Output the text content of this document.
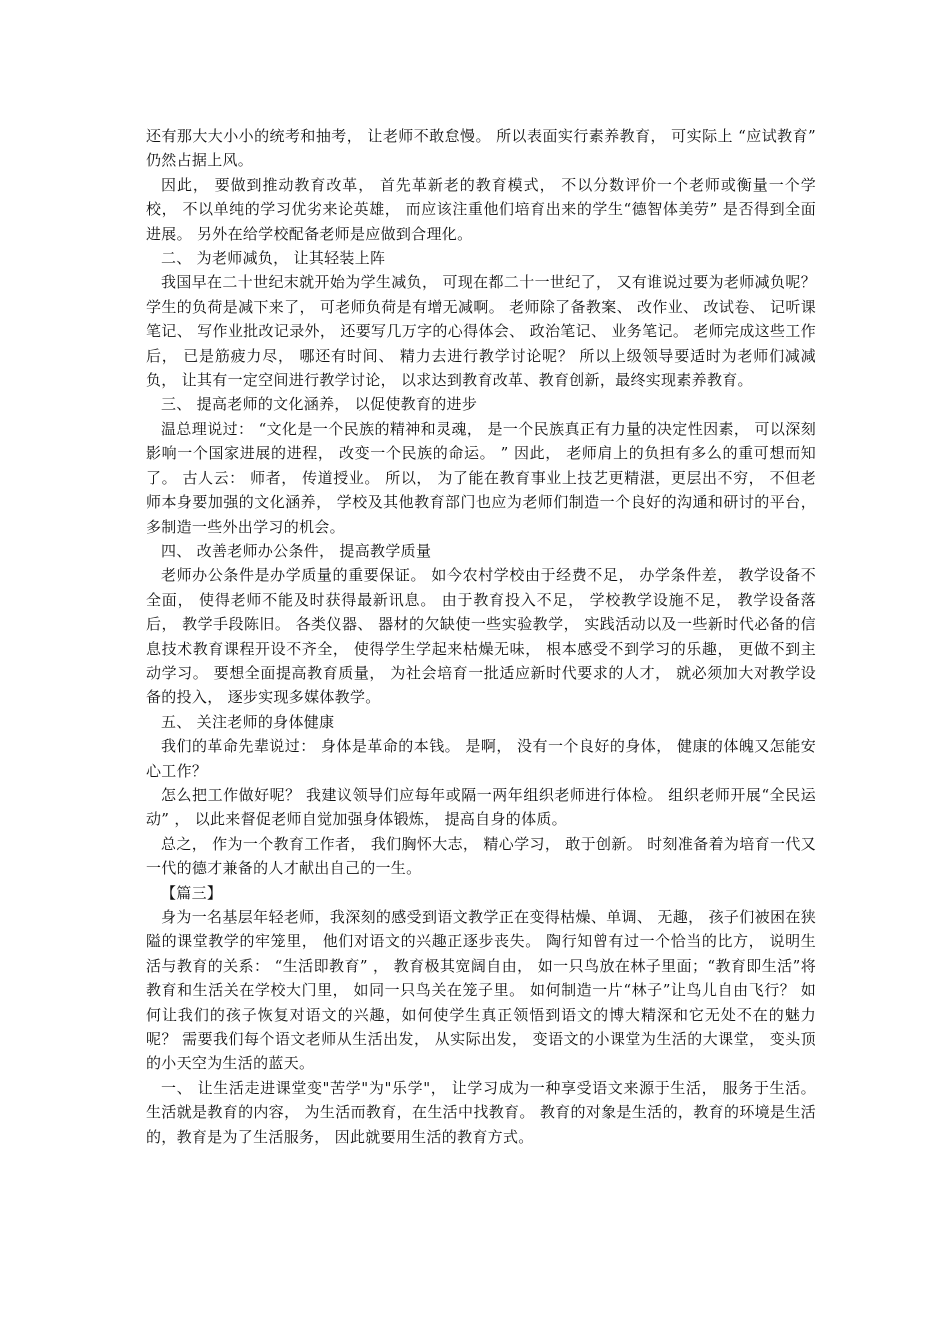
还有那大大小小的统考和抽考， 让老师不敢怠慢。 所以表面实行素养教育， 可实际上 “应试教育” 仍然占据上风。

因此， 要做到推动教育改革， 首先革新老的教育模式， 不以分数评价一个老师或衡量一个学校， 不以单纯的学习优劣来论英雄， 而应该注重他们培育出来的学生“德智体美劳” 是否得到全面进展。 另外在给学校配备老师是应做到合理化。

二、 为老师减负， 让其轻装上阵

我国早在二十世纪末就开始为学生减负， 可现在都二十一世纪了， 又有谁说过要为老师减负呢？ 学生的负荷是减下来了， 可老师负荷是有增无减啊。 老师除了备教案、 改作业、 改试卷、 记听课笔记、 写作业批改记录外， 还要写几万字的心得体会、 政治笔记、 业务笔记。 老师完成这些工作后， 已是筋疲力尽， 哪还有时间、 精力去进行教学讨论呢？ 所以上级领导要适时为老师们减减负， 让其有一定空间进行教学讨论， 以求达到教育改革、教育创新，最终实现素养教育。

三、 提高老师的文化涵养， 以促使教育的进步

温总理说过： “文化是一个民族的精神和灵魂， 是一个民族真正有力量的决定性因素， 可以深刻影响一个国家进展的进程， 改变一个民族的命运。 ” 因此， 老师肩上的负担有多么的重可想而知了。 古人云： 师者， 传道授业。 所以， 为了能在教育事业上技艺更精湛，更层出不穷， 不但老师本身要加强的文化涵养， 学校及其他教育部门也应为老师们制造一个良好的沟通和研讨的平台， 多制造一些外出学习的机会。

四、 改善老师办公条件， 提高教学质量

老师办公条件是办学质量的重要保证。 如今农村学校由于经费不足， 办学条件差， 教学设备不全面， 使得老师不能及时获得最新讯息。 由于教育投入不足， 学校教学设施不足， 教学设备落后， 教学手段陈旧。 各类仪器、 器材的欠缺使一些实验教学， 实践活动以及一些新时代必备的信息技术教育课程开设不齐全， 使得学生学起来枯燥无味， 根本感受不到学习的乐趣， 更做不到主动学习。 要想全面提高教育质量， 为社会培育一批适应新时代要求的人才， 就必须加大对教学设备的投入， 逐步实现多媒体教学。

五、 关注老师的身体健康

我们的革命先辈说过： 身体是革命的本钱。 是啊， 没有一个良好的身体， 健康的体魄又怎能安心工作？

怎么把工作做好呢？ 我建议领导们应每年或隔一两年组织老师进行体检。 组织老师开展“全民运动” ， 以此来督促老师自觉加强身体锻炼， 提高自身的体质。

总之， 作为一个教育工作者， 我们胸怀大志， 精心学习， 敢于创新。 时刻准备着为培育一代又一代的德才兼备的人才献出自己的一生。

【篇三】

身为一名基层年轻老师，我深刻的感受到语文教学正在变得枯燥、单调、 无趣， 孩子们被困在狭隘的课堂教学的牢笼里， 他们对语文的兴趣正逐步丧失。 陶行知曾有过一个恰当的比方， 说明生活与教育的关系： “生活即教育” ， 教育极其宽阔自由， 如一只鸟放在林子里面；“教育即生活”将教育和生活关在学校大门里， 如同一只鸟关在笼子里。 如何制造一片“林子”让鸟儿自由飞行？ 如何让我们的孩子恢复对语文的兴趣，如何使学生真正领悟到语文的博大精深和它无处不在的魅力呢？ 需要我们每个语文老师从生活出发， 从实际出发， 变语文的小课堂为生活的大课堂， 变头顶的小天空为生活的蓝天。

一、 让生活走进课堂变"苦学"为"乐学"， 让学习成为一种享受语文来源于生活， 服务于生活。 生活就是教育的内容， 为生活而教育，在生活中找教育。 教育的对象是生活的，教育的环境是生活的，教育是为了生活服务， 因此就要用生活的教育方式。
